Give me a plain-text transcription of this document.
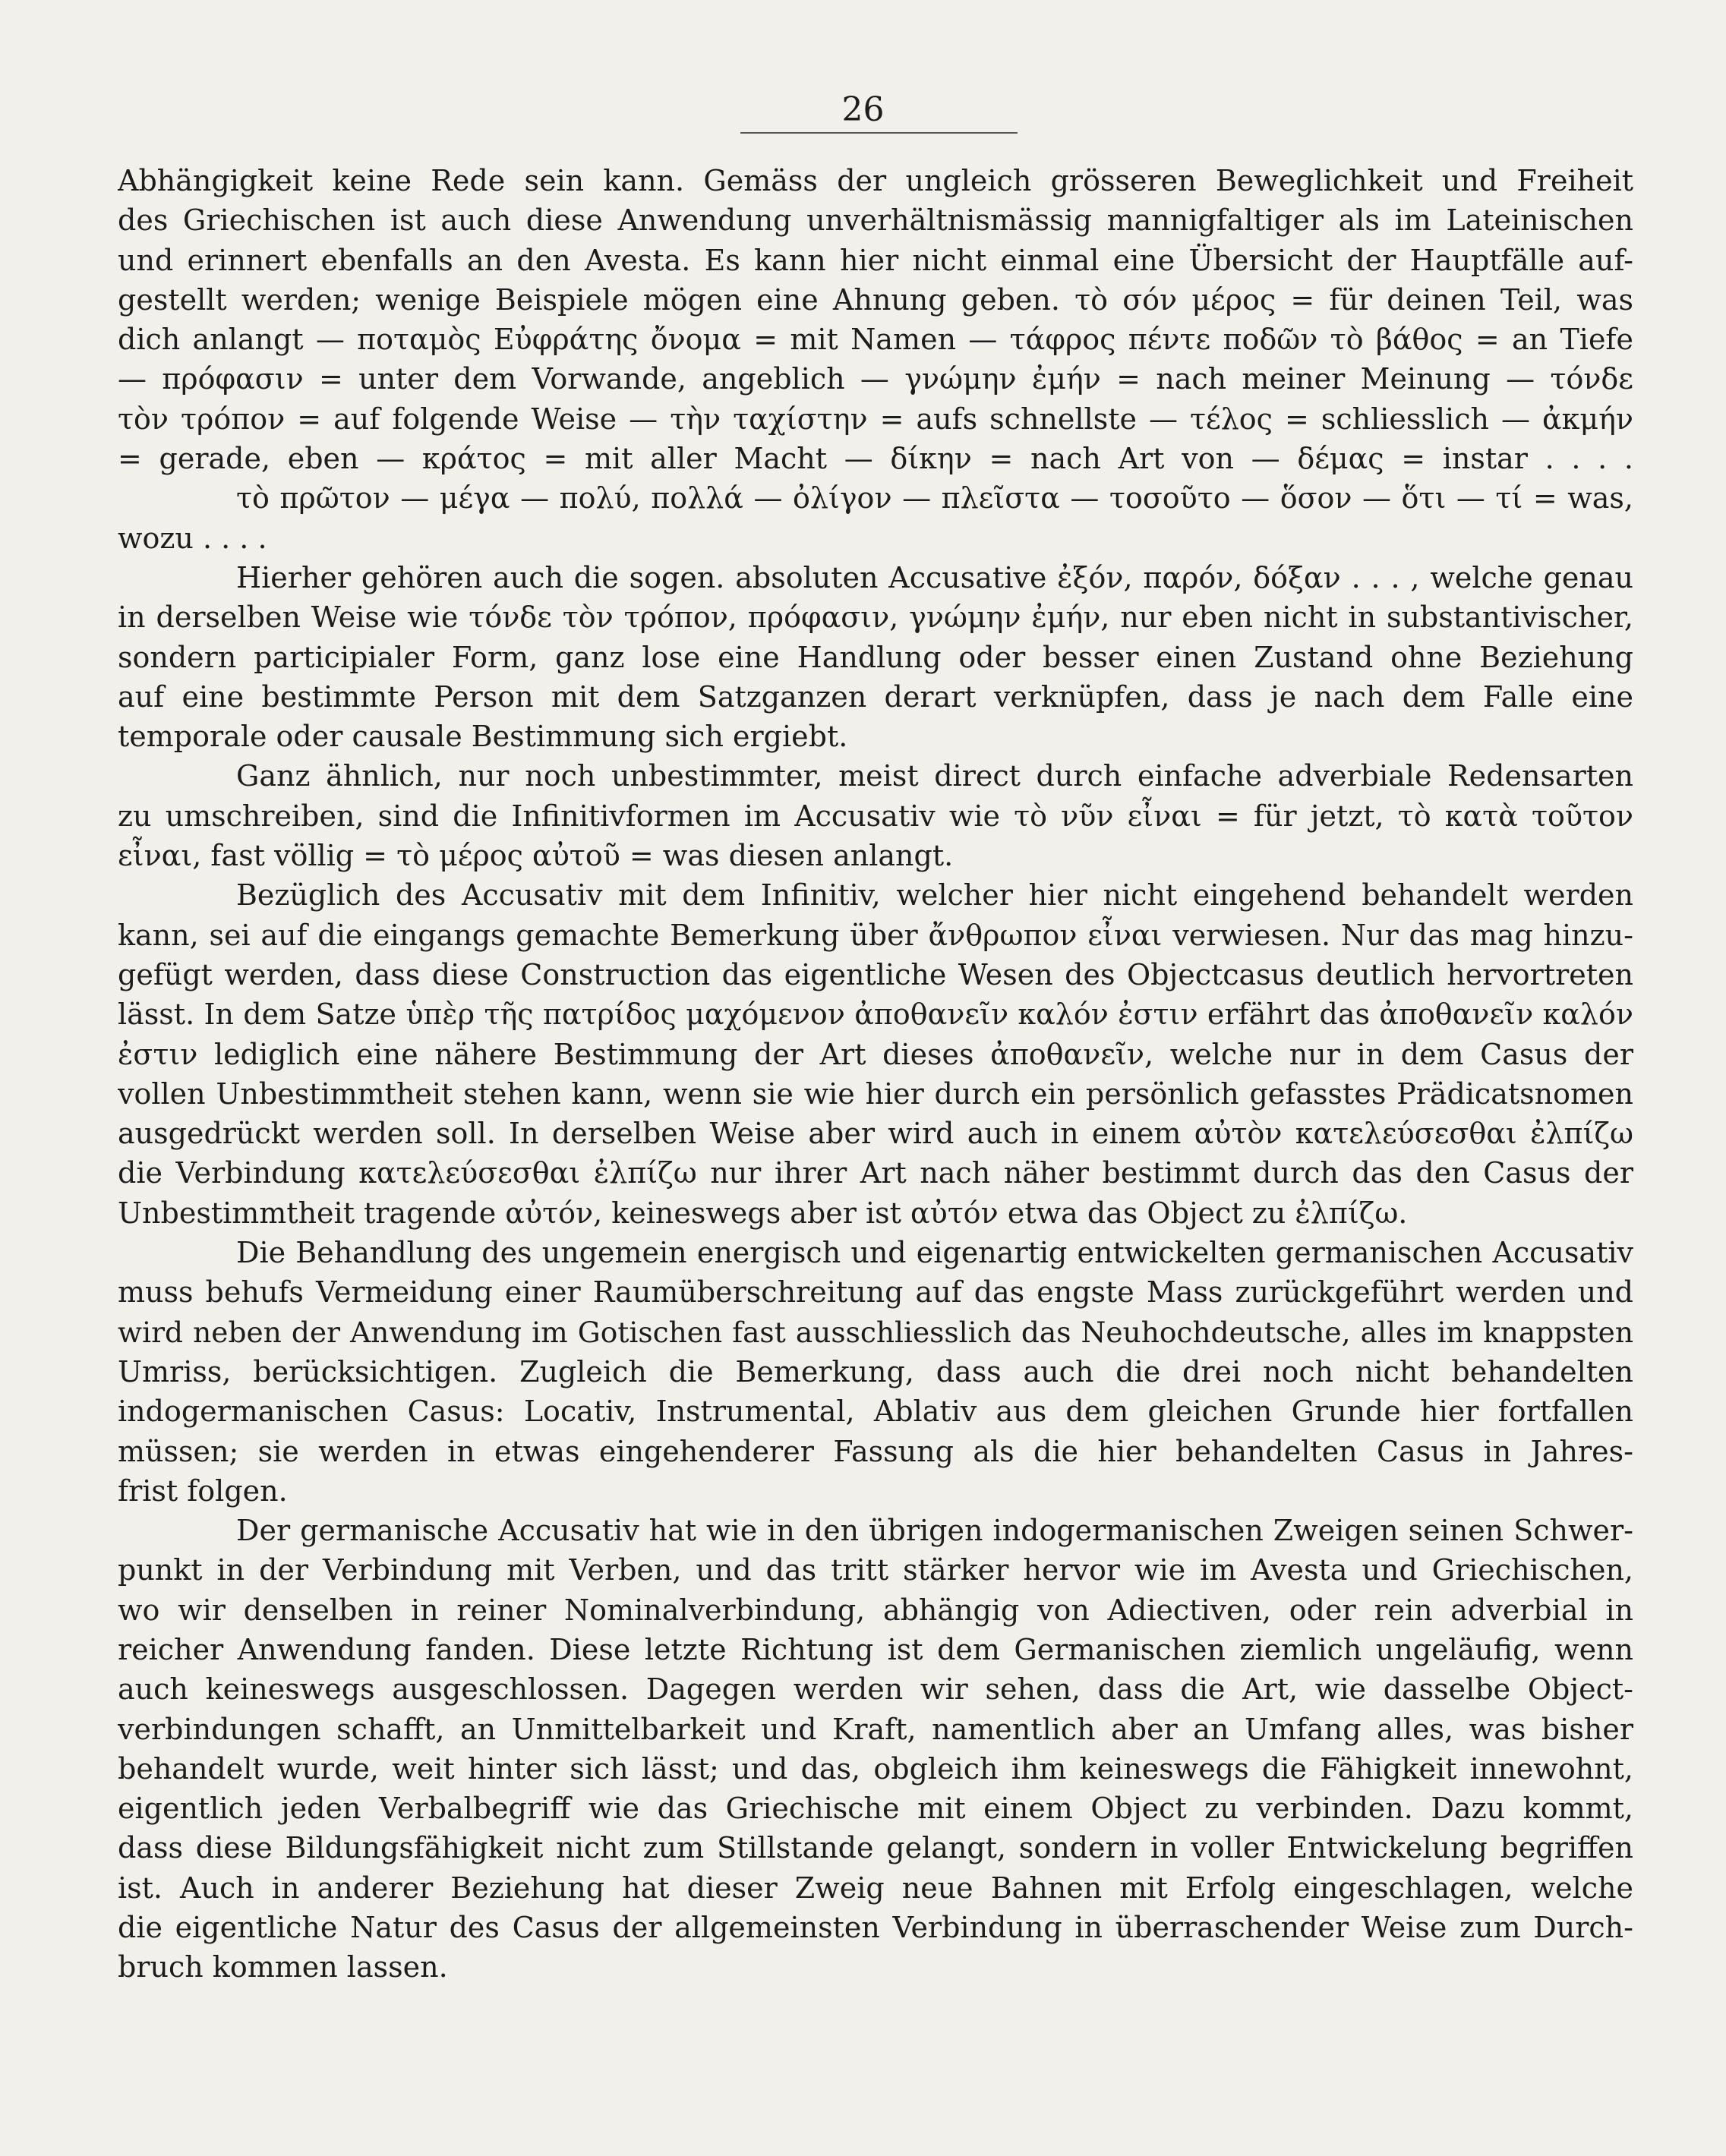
26
Abhängigkeit keine Rede sein kann. Gemäss der ungleich grösseren Beweglichkeit und Freiheit
des Griechischen ist auch diese Anwendung unverhältnismässig mannigfaltiger als im Lateinischen
und erinnert ebenfalls an den Avesta. Es kann hier nicht einmal eine Übersicht der Hauptfälle auf-
gestellt werden; wenige Beispiele mögen eine Ahnung geben. τὸ σόν μέρος = für deinen Teil, was
dich anlangt — ποταμὸς Εὐφράτης ὄνομα = mit Namen — τάφρος πέντε ποδῶν τὸ βάθος = an Tiefe
— πρόφασιν = unter dem Vorwande, angeblich — γνώμην ἐμήν = nach meiner Meinung — τόνδε
τὸν τρόπον = auf folgende Weise — τὴν ταχίστην = aufs schnellste — τέλος = schliesslich — ἀκμήν
= gerade, eben — κράτος = mit aller Macht — δίκην = nach Art von — δέμας = instar . . . .
τὸ πρῶτον — μέγα — πολύ, πολλά — ὀλίγον — πλεῖστα — τοσοῦτο — ὅσον — ὅτι — τί = was,
wozu . . . .
Hierher gehören auch die sogen. absoluten Accusative ἐξόν, παρόν, δόξαν . . . , welche genau
in derselben Weise wie τόνδε τὸν τρόπον, πρόφασιν, γνώμην ἐμήν, nur eben nicht in substantivischer,
sondern participialer Form, ganz lose eine Handlung oder besser einen Zustand ohne Beziehung
auf eine bestimmte Person mit dem Satzganzen derart verknüpfen, dass je nach dem Falle eine
temporale oder causale Bestimmung sich ergiebt.
Ganz ähnlich, nur noch unbestimmter, meist direct durch einfache adverbiale Redensarten
zu umschreiben, sind die Infinitivformen im Accusativ wie τὸ νῦν εἶναι = für jetzt, τὸ κατὰ τοῦτον
εἶναι, fast völlig = τὸ μέρος αὐτοῦ = was diesen anlangt.
Bezüglich des Accusativ mit dem Infinitiv, welcher hier nicht eingehend behandelt werden
kann, sei auf die eingangs gemachte Bemerkung über ἄνθρωπον εἶναι verwiesen. Nur das mag hinzu-
gefügt werden, dass diese Construction das eigentliche Wesen des Objectcasus deutlich hervortreten
lässt. In dem Satze ὑπὲρ τῆς πατρίδος μαχόμενον ἀποθανεῖν καλόν ἐστιν erfährt das ἀποθανεῖν καλόν
ἐστιν lediglich eine nähere Bestimmung der Art dieses ἀποθανεῖν, welche nur in dem Casus der
vollen Unbestimmtheit stehen kann, wenn sie wie hier durch ein persönlich gefasstes Prädicatsnomen
ausgedrückt werden soll. In derselben Weise aber wird auch in einem αὐτὸν κατελεύσεσθαι ἐλπίζω
die Verbindung κατελεύσεσθαι ἐλπίζω nur ihrer Art nach näher bestimmt durch das den Casus der
Unbestimmtheit tragende αὐτόν, keineswegs aber ist αὐτόν etwa das Object zu ἐλπίζω.
Die Behandlung des ungemein energisch und eigenartig entwickelten germanischen Accusativ
muss behufs Vermeidung einer Raumüberschreitung auf das engste Mass zurückgeführt werden und
wird neben der Anwendung im Gotischen fast ausschliesslich das Neuhochdeutsche, alles im knappsten
Umriss, berücksichtigen. Zugleich die Bemerkung, dass auch die drei noch nicht behandelten
indogermanischen Casus: Locativ, Instrumental, Ablativ aus dem gleichen Grunde hier fortfallen
müssen; sie werden in etwas eingehenderer Fassung als die hier behandelten Casus in Jahres-
frist folgen.
Der germanische Accusativ hat wie in den übrigen indogermanischen Zweigen seinen Schwer-
punkt in der Verbindung mit Verben, und das tritt stärker hervor wie im Avesta und Griechischen,
wo wir denselben in reiner Nominalverbindung, abhängig von Adiectiven, oder rein adverbial in
reicher Anwendung fanden. Diese letzte Richtung ist dem Germanischen ziemlich ungeläufig, wenn
auch keineswegs ausgeschlossen. Dagegen werden wir sehen, dass die Art, wie dasselbe Object-
verbindungen schafft, an Unmittelbarkeit und Kraft, namentlich aber an Umfang alles, was bisher
behandelt wurde, weit hinter sich lässt; und das, obgleich ihm keineswegs die Fähigkeit innewohnt,
eigentlich jeden Verbalbegriff wie das Griechische mit einem Object zu verbinden. Dazu kommt,
dass diese Bildungsfähigkeit nicht zum Stillstande gelangt, sondern in voller Entwickelung begriffen
ist. Auch in anderer Beziehung hat dieser Zweig neue Bahnen mit Erfolg eingeschlagen, welche
die eigentliche Natur des Casus der allgemeinsten Verbindung in überraschender Weise zum Durch-
bruch kommen lassen.
